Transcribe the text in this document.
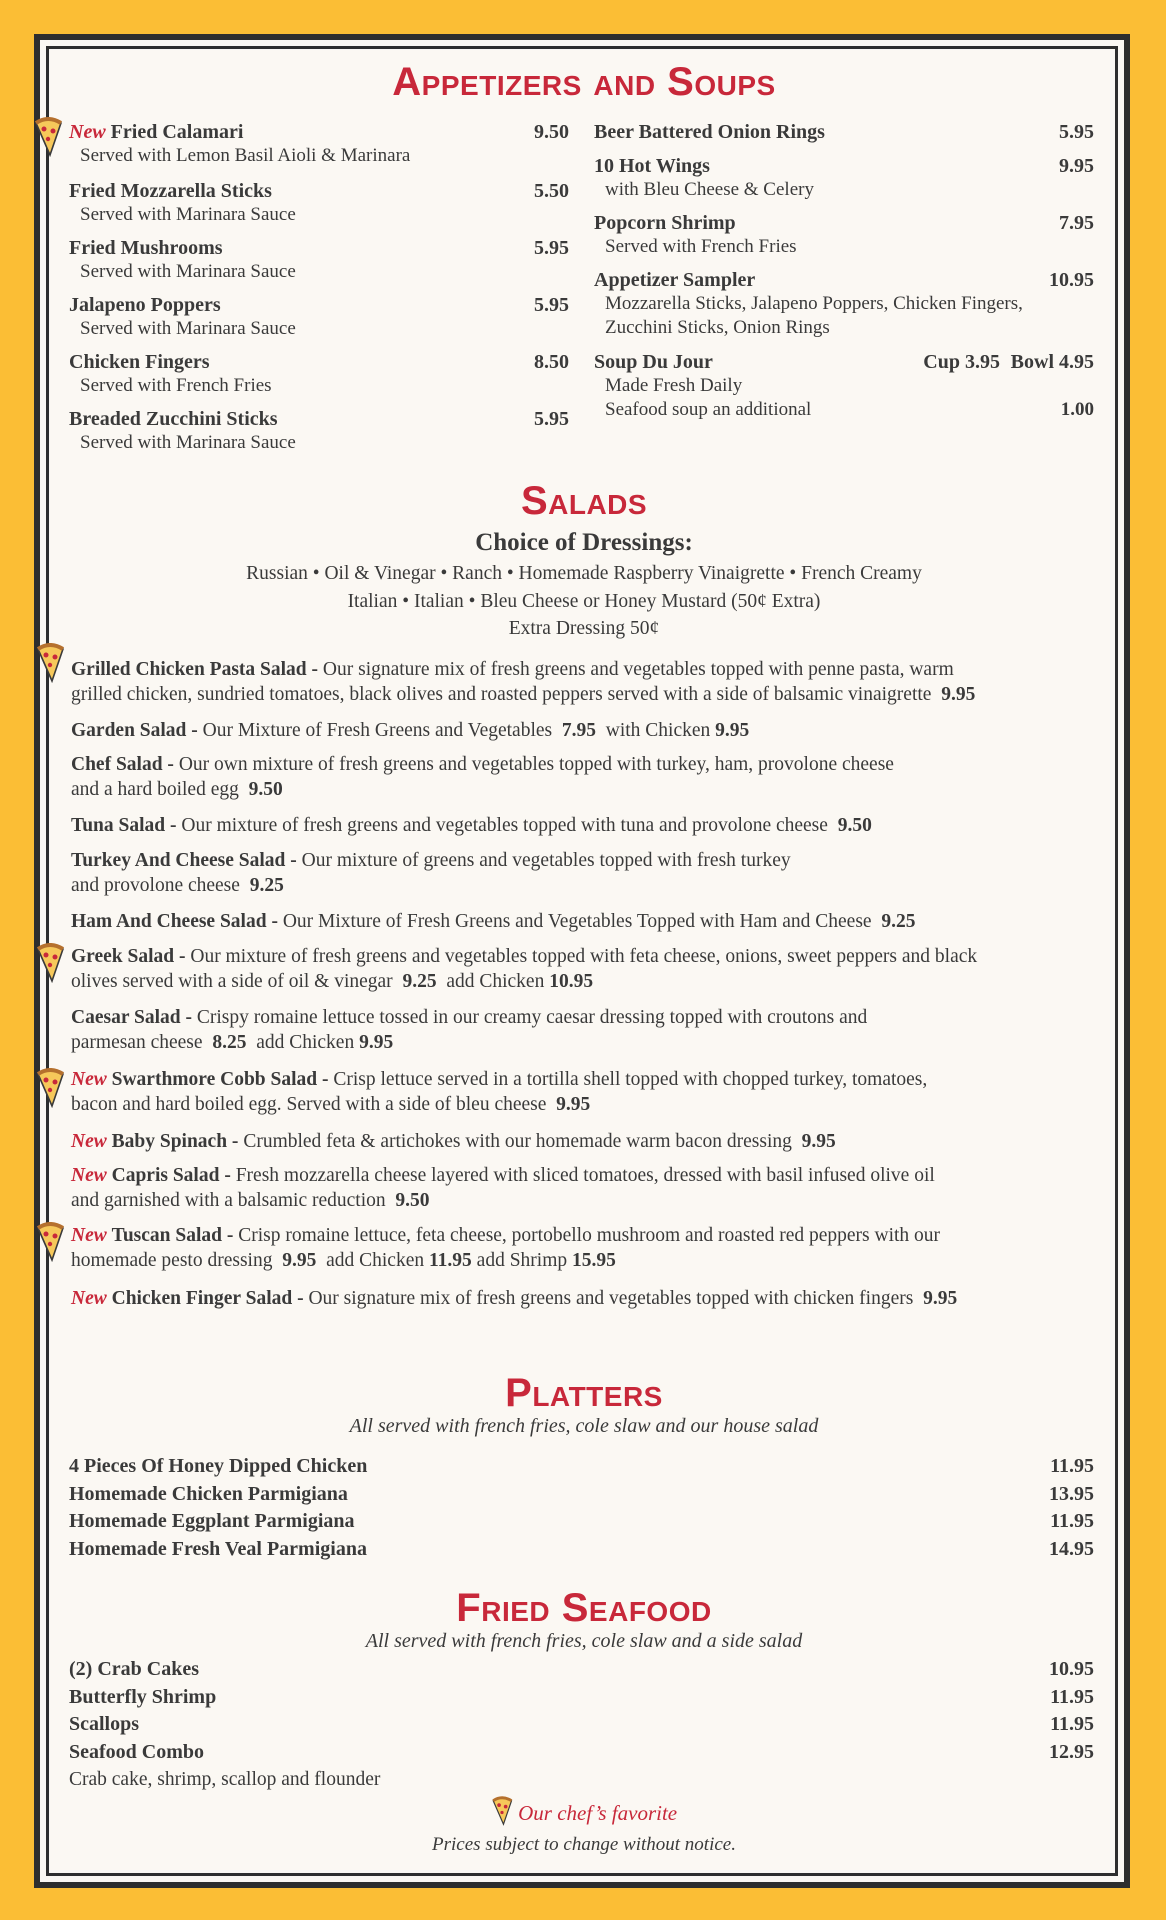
Appetizers and Soups
New Fried Calamari	9.50
Served with Lemon Basil Aioli & Marinara
Fried Mozzarella Sticks	5.50
Served with Marinara Sauce
Fried Mushrooms	5.95
Served with Marinara Sauce
Jalapeno Poppers	5.95
Served with Marinara Sauce
Chicken Fingers	8.50
Served with French Fries
Breaded Zucchini Sticks	5.95
Served with Marinara Sauce
Beer Battered Onion Rings	5.95
10 Hot Wings	9.95
with Bleu Cheese & Celery
Popcorn Shrimp	7.95
Served with French Fries
Appetizer Sampler	10.95
Mozzarella Sticks, Jalapeno Poppers, Chicken Fingers,
Zucchini Sticks, Onion Rings
Soup Du Jour	Cup 3.95 Bowl 4.95
Made Fresh Daily
Seafood soup an additional	1.00
Salads
Choice of Dressings:
Russian • Oil & Vinegar • Ranch • Homemade Raspberry Vinaigrette • French Creamy
Italian • Italian • Bleu Cheese or Honey Mustard (50¢ Extra)
Extra Dressing 50¢
Grilled Chicken Pasta Salad - Our signature mix of fresh greens and vegetables topped with penne pasta, warm
grilled chicken, sundried tomatoes, black olives and roasted peppers served with a side of balsamic vinaigrette 9.95
Garden Salad - Our Mixture of Fresh Greens and Vegetables 7.95 with Chicken 9.95
Chef Salad - Our own mixture of fresh greens and vegetables topped with turkey, ham, provolone cheese
and a hard boiled egg 9.50
Tuna Salad - Our mixture of fresh greens and vegetables topped with tuna and provolone cheese 9.50
Turkey And Cheese Salad - Our mixture of greens and vegetables topped with fresh turkey
and provolone cheese 9.25
Ham And Cheese Salad - Our Mixture of Fresh Greens and Vegetables Topped with Ham and Cheese 9.25
Greek Salad - Our mixture of fresh greens and vegetables topped with feta cheese, onions, sweet peppers and black
olives served with a side of oil & vinegar 9.25 add Chicken 10.95
Caesar Salad - Crispy romaine lettuce tossed in our creamy caesar dressing topped with croutons and
parmesan cheese 8.25 add Chicken 9.95
New Swarthmore Cobb Salad - Crisp lettuce served in a tortilla shell topped with chopped turkey, tomatoes,
bacon and hard boiled egg. Served with a side of bleu cheese 9.95
New Baby Spinach - Crumbled feta & artichokes with our homemade warm bacon dressing 9.95
New Capris Salad - Fresh mozzarella cheese layered with sliced tomatoes, dressed with basil infused olive oil
and garnished with a balsamic reduction 9.50
New Tuscan Salad - Crisp romaine lettuce, feta cheese, portobello mushroom and roasted red peppers with our
homemade pesto dressing 9.95 add Chicken 11.95 add Shrimp 15.95
New Chicken Finger Salad - Our signature mix of fresh greens and vegetables topped with chicken fingers 9.95
Platters
All served with french fries, cole slaw and our house salad
4 Pieces Of Honey Dipped Chicken	11.95
Homemade Chicken Parmigiana	13.95
Homemade Eggplant Parmigiana	11.95
Homemade Fresh Veal Parmigiana	14.95
Fried Seafood
All served with french fries, cole slaw and a side salad
(2) Crab Cakes	10.95
Butterfly Shrimp	11.95
Scallops	11.95
Seafood Combo	12.95
Crab cake, shrimp, scallop and flounder
Our chef’s favorite
Prices subject to change without notice.
